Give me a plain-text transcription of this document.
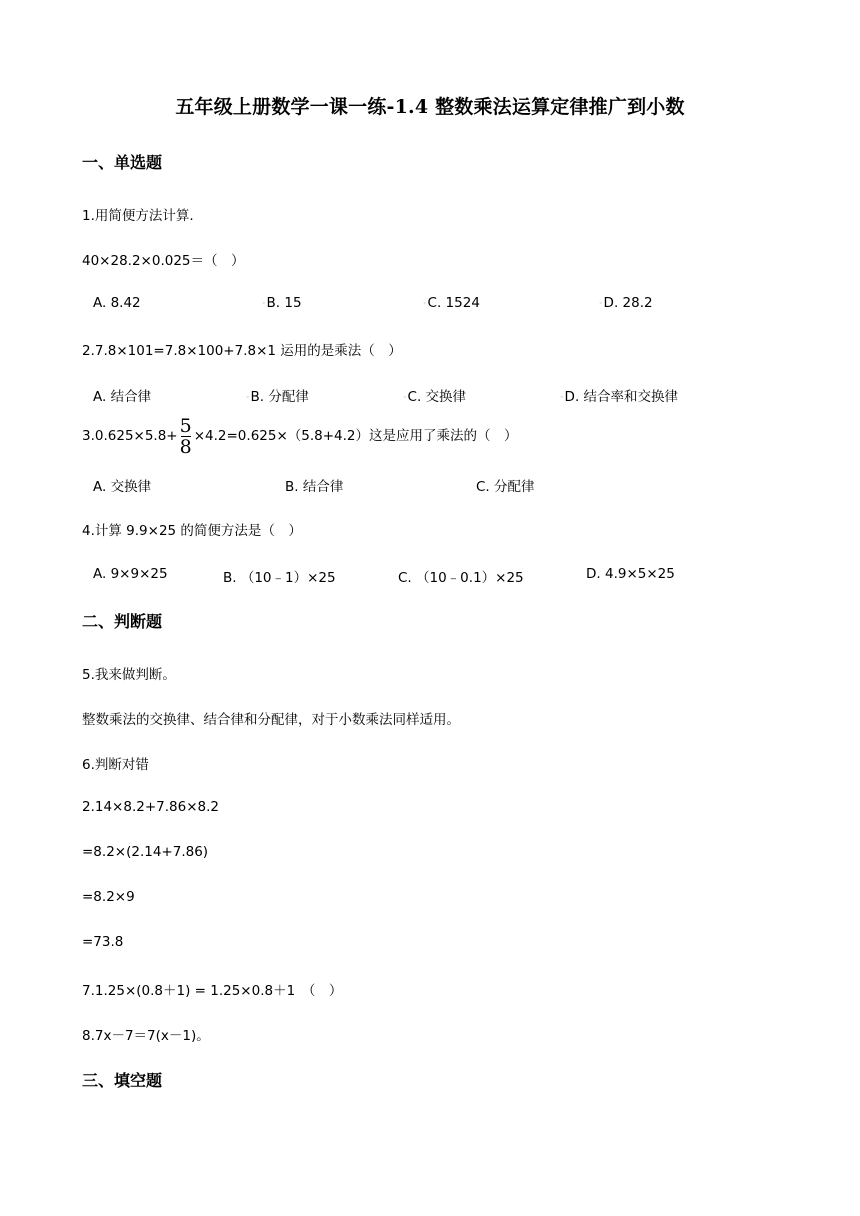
五年级上册数学一课一练-1.4 整数乘法运算定律推广到小数
一、单选题
1.用简便方法计算.
40×28.2×0.025＝（　）
A. 8.42	◦B. 15	◦C. 1524	◦D. 28.2
2.7.8×101=7.8×100+7.8×1 运用的是乘法（　）
A. 结合律	◦B. 分配律	◦C. 交换律	◦D. 结合率和交换律
$3.0.625\times 5.8+ \frac{5}{8} \times 4.2=0.625\times(5.8+4.2)$这是应用了乘法的（　）
A. 交换律	B. 结合律	C. 分配律
4.计算 9.9×25 的简便方法是（　）
A. 9×9×25	B. （10﹣1）×25	C. （10﹣0.1）×25	D. 4.9×5×25
二、判断题
5.我来做判断。
整数乘法的交换律、结合律和分配律，对于小数乘法同样适用。
6.判断对错
2.14×8.2+7.86×8.2
=8.2×(2.14+7.86)
=8.2×9
=73.8
7.1.25×(0.8＋1) = 1.25×0.8＋1　（　）
8.7x－7＝7(x－1)。
三、填空题
